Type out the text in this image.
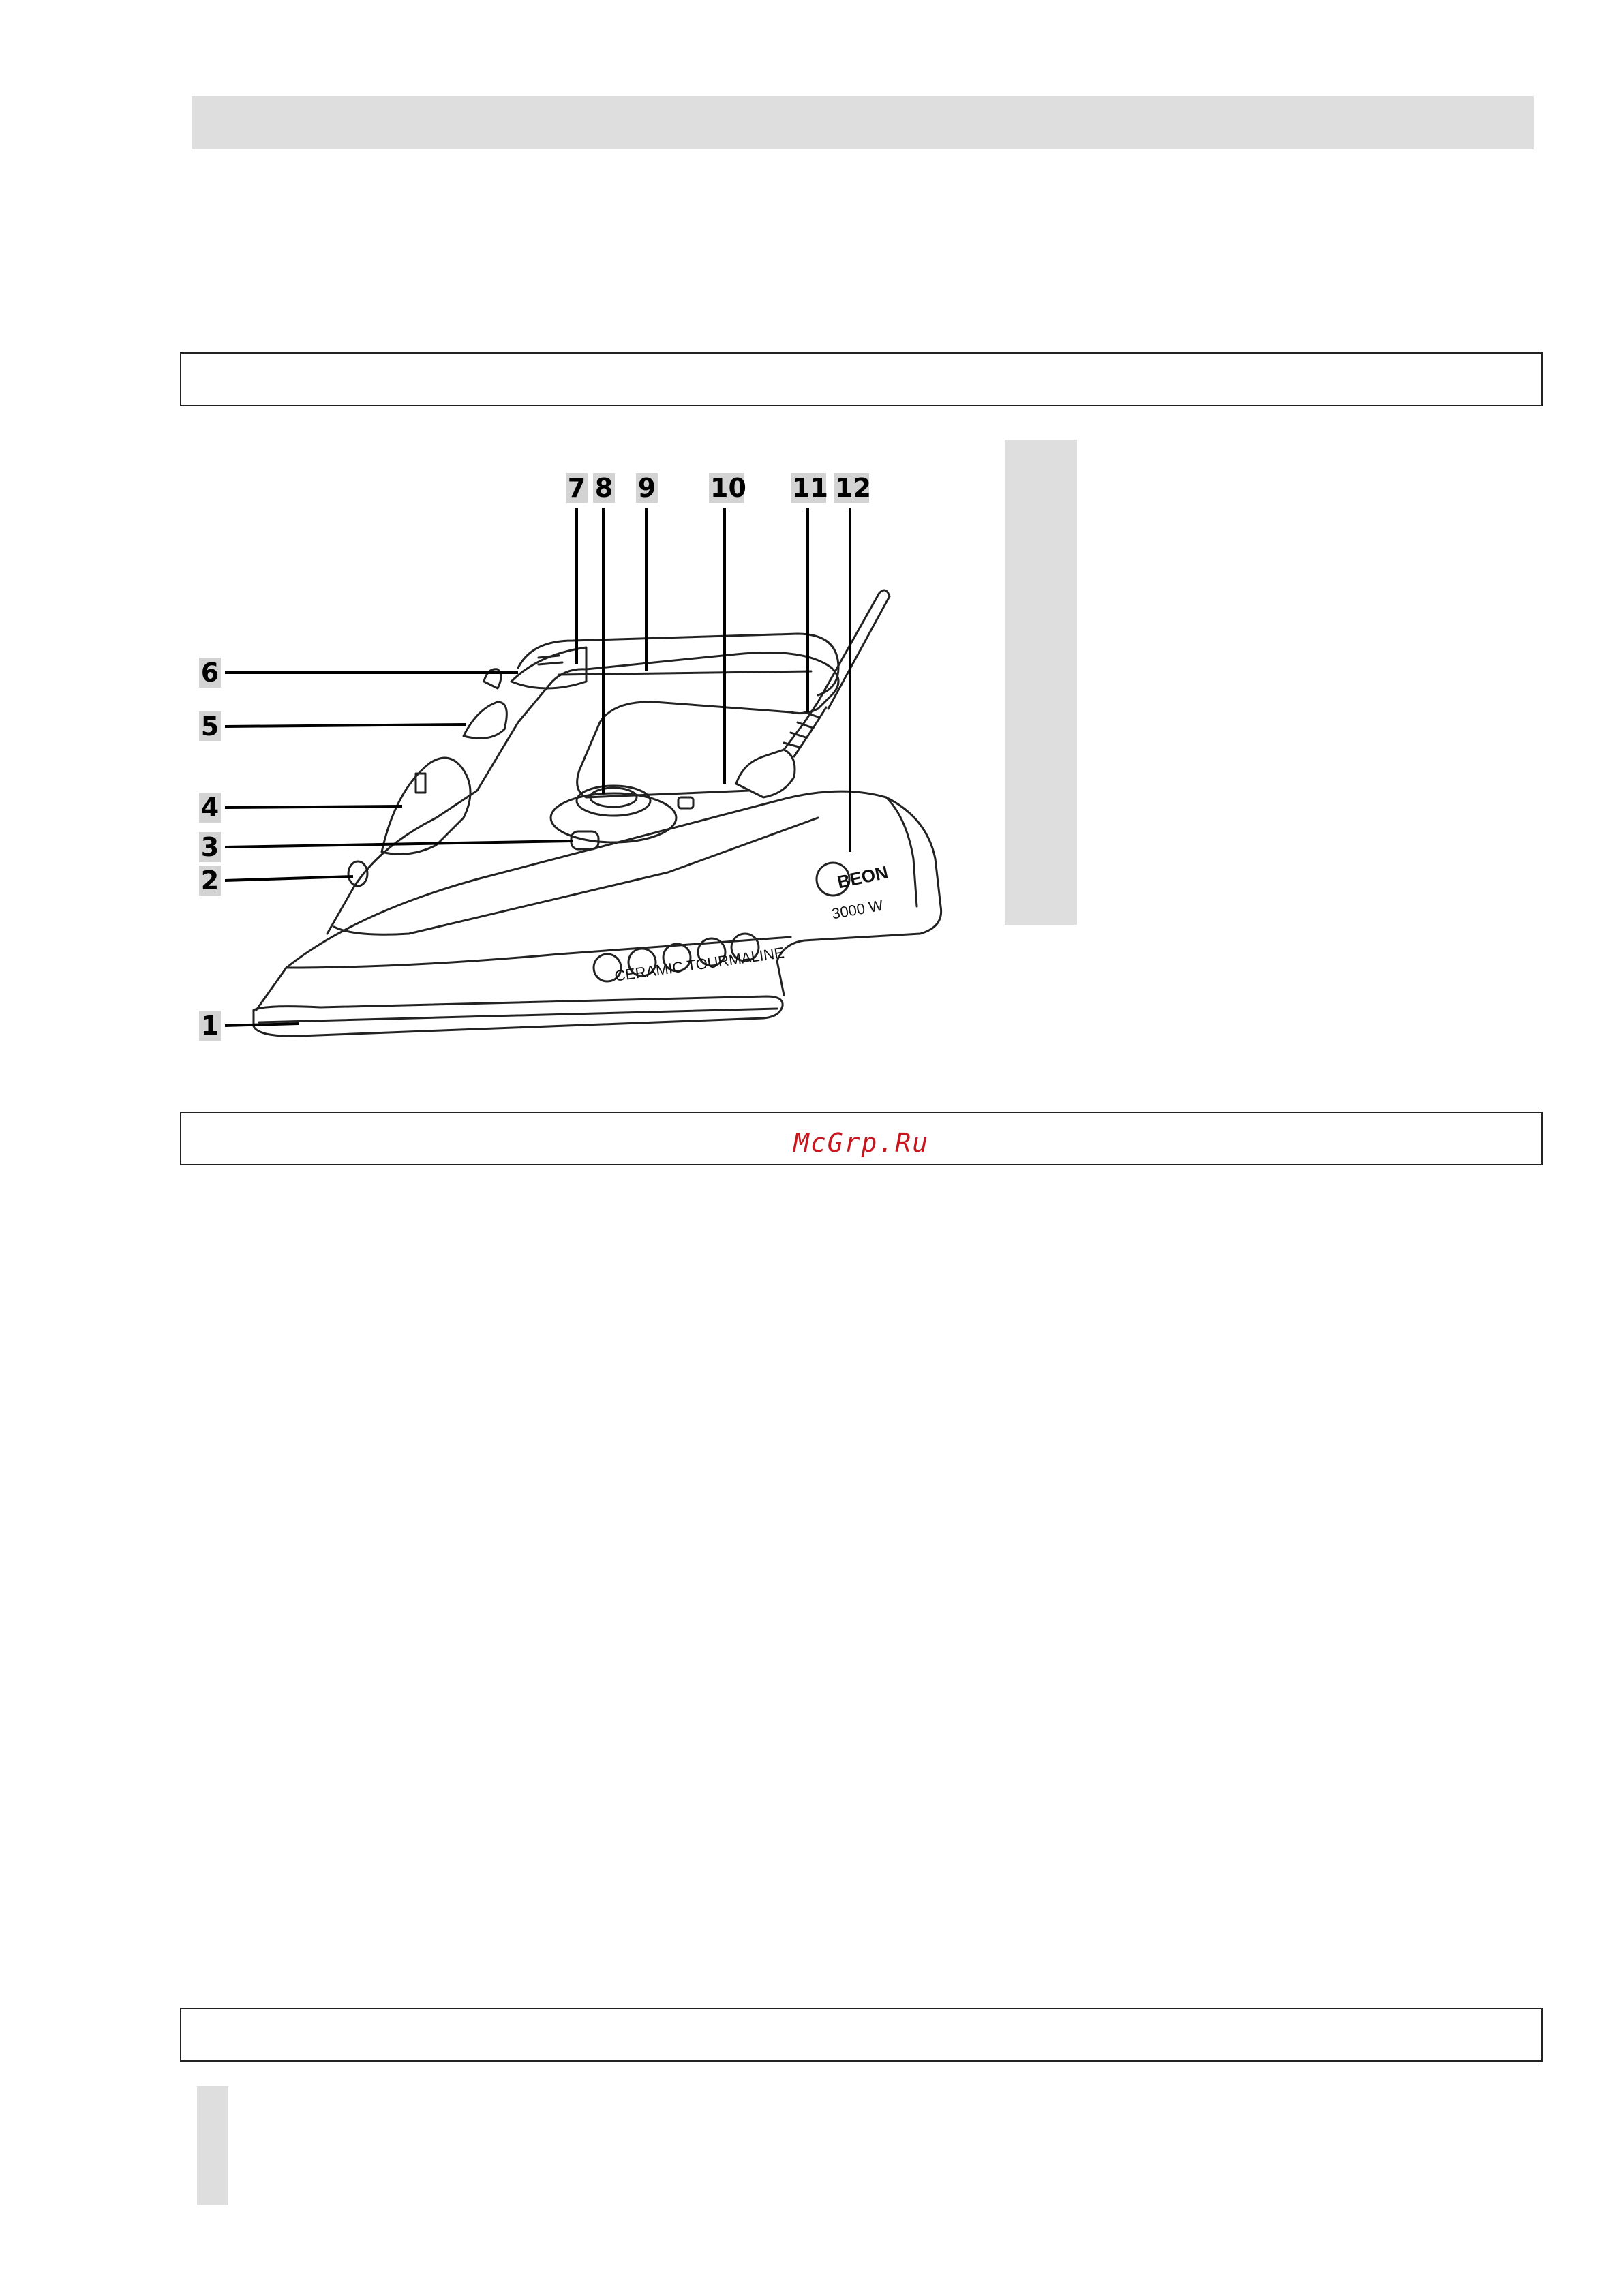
BEON
3000 W
CERAMIC TOURMALINE
1
2
3
4
5
6
7 8 9 10 11 12
McGrp.Ru
